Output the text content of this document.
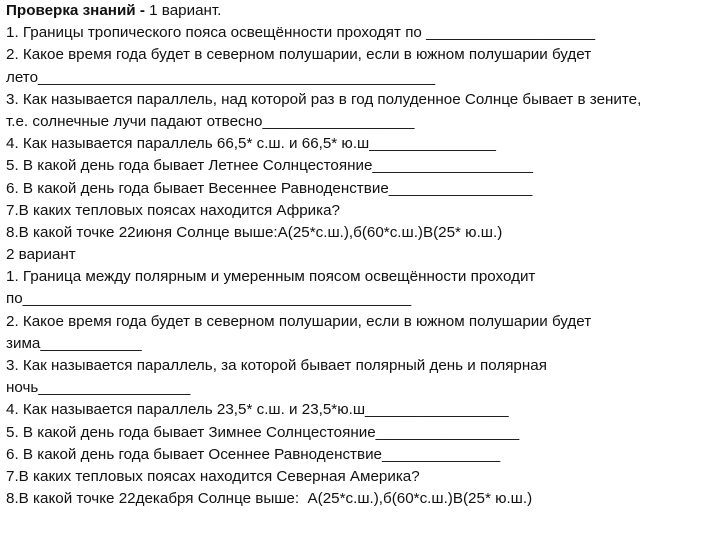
Проверка знаний - 1 вариант.
1. Границы тропического пояса освещённости проходят по ____________________
2. Какое время года будет в северном полушарии, если в южном полушарии будет
лето_______________________________________________
3. Как называется параллель, над которой раз в год полуденное Солнце бывает в зените,
т.е. солнечные лучи падают отвесно__________________
4. Как называется параллель 66,5* с.ш. и 66,5* ю.ш_______________
5. В какой день года бывает Летнее Солнцестояние___________________
6. В какой день года бывает Весеннее Равноденствие_________________
7.В каких тепловых поясах находится Африка?
8.В какой точке 22июня Солнце выше:А(25*с.ш.),б(60*с.ш.)В(25* ю.ш.)
2 вариант
1. Граница между полярным и умеренным поясом освещённости проходит
по______________________________________________
2. Какое время года будет в северном полушарии, если в южном полушарии будет
зима____________
3. Как называется параллель, за которой бывает полярный день и полярная
ночь__________________
4. Как называется параллель 23,5* с.ш. и 23,5*ю.ш_________________
5. В какой день года бывает Зимнее Солнцестояние_________________
6. В какой день года бывает Осеннее Равноденствие______________
7.В каких тепловых поясах находится Северная Америка?
8.В какой точке 22декабря Солнце выше:  А(25*с.ш.),б(60*с.ш.)В(25* ю.ш.)
